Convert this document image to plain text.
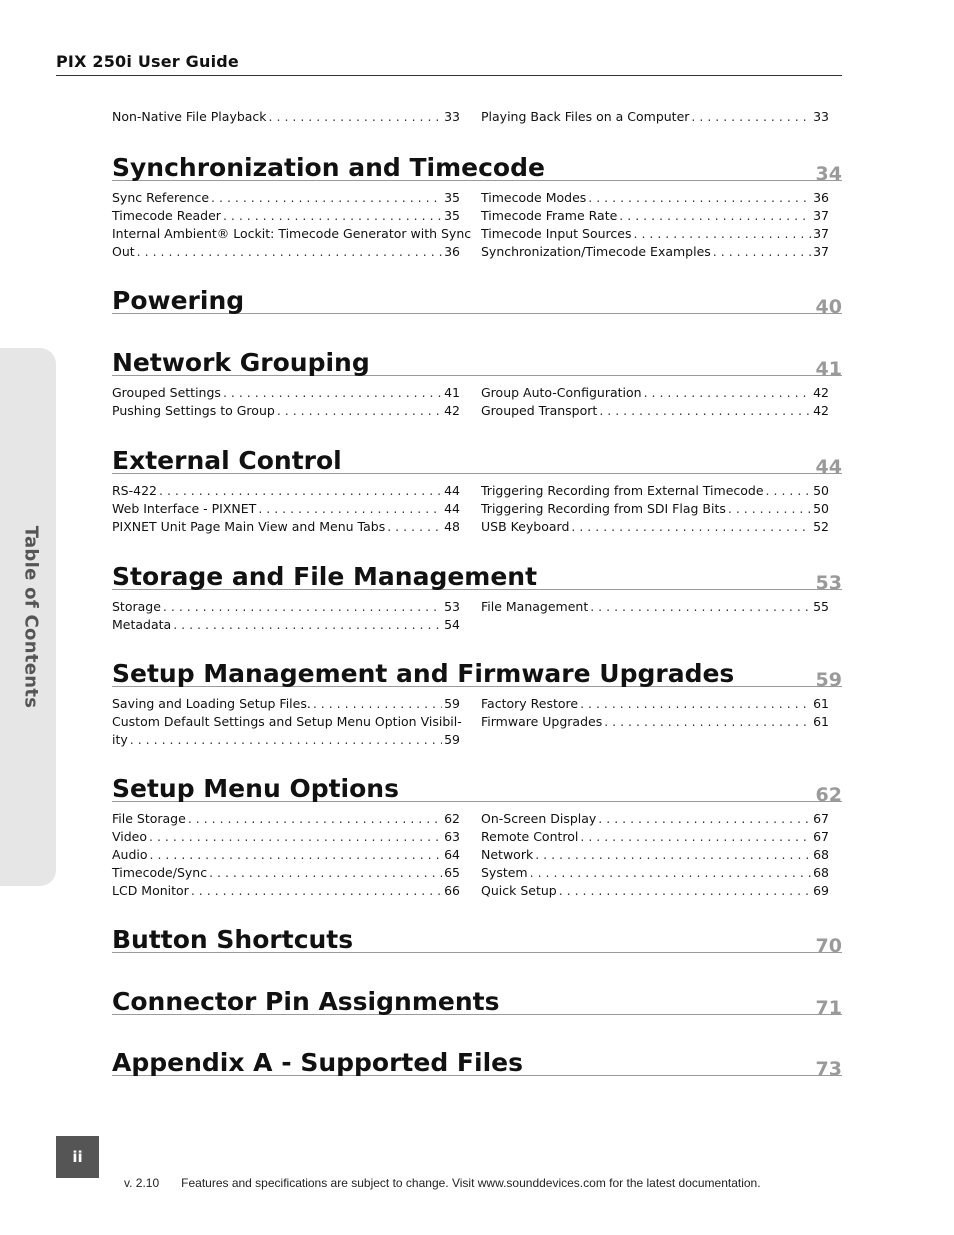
PIX 250i User Guide
Table of Contents
Non-Native File Playback . . .	33 Playing Back Files on a Computer . . .	33
Synchronization and Timecode	34
Sync Reference . . .	35
Timecode Reader . . .	35
Internal Ambient® Lockit: Timecode Generator with Sync
Out . . .	36
Timecode Modes . . .	36
Timecode Frame Rate . . .	37
Timecode Input Sources . . .	37
Synchronization/Timecode Examples . . .	37
Powering	40
Network Grouping	41
Grouped Settings . . .	41
Pushing Settings to Group . . .	42
Group Auto-Configuration . . .	42
Grouped Transport . . .	42
External Control	44
RS-422 . . .	44
Web Interface - PIXNET . . .	44
PIXNET Unit Page Main View and Menu Tabs . . .	48
Triggering Recording from External Timecode . . .	50
Triggering Recording from SDI Flag Bits . . .	50
USB Keyboard . . .	52
Storage and File Management	53
Storage . . .	53
Metadata . . .	54
File Management . . .	55
Setup Management and Firmware Upgrades	59
Saving and Loading Setup Files. . . .	59
Custom Default Settings and Setup Menu Option Visibil-
ity . . .	59
Factory Restore . . .	61
Firmware Upgrades . . .	61
Setup Menu Options	62
File Storage . . .	62
Video . . .	63
Audio . . .	64
Timecode/Sync . . .	65
LCD Monitor . . .	66
On-Screen Display . . .	67
Remote Control . . .	67
Network . . .	68
System . . .	68
Quick Setup . . .	69
Button Shortcuts	70
Connector Pin Assignments	71
Appendix A - Supported Files	73
ii
v. 2.10 Features and specifications are subject to change. Visit www.sounddevices.com for the latest documentation.
